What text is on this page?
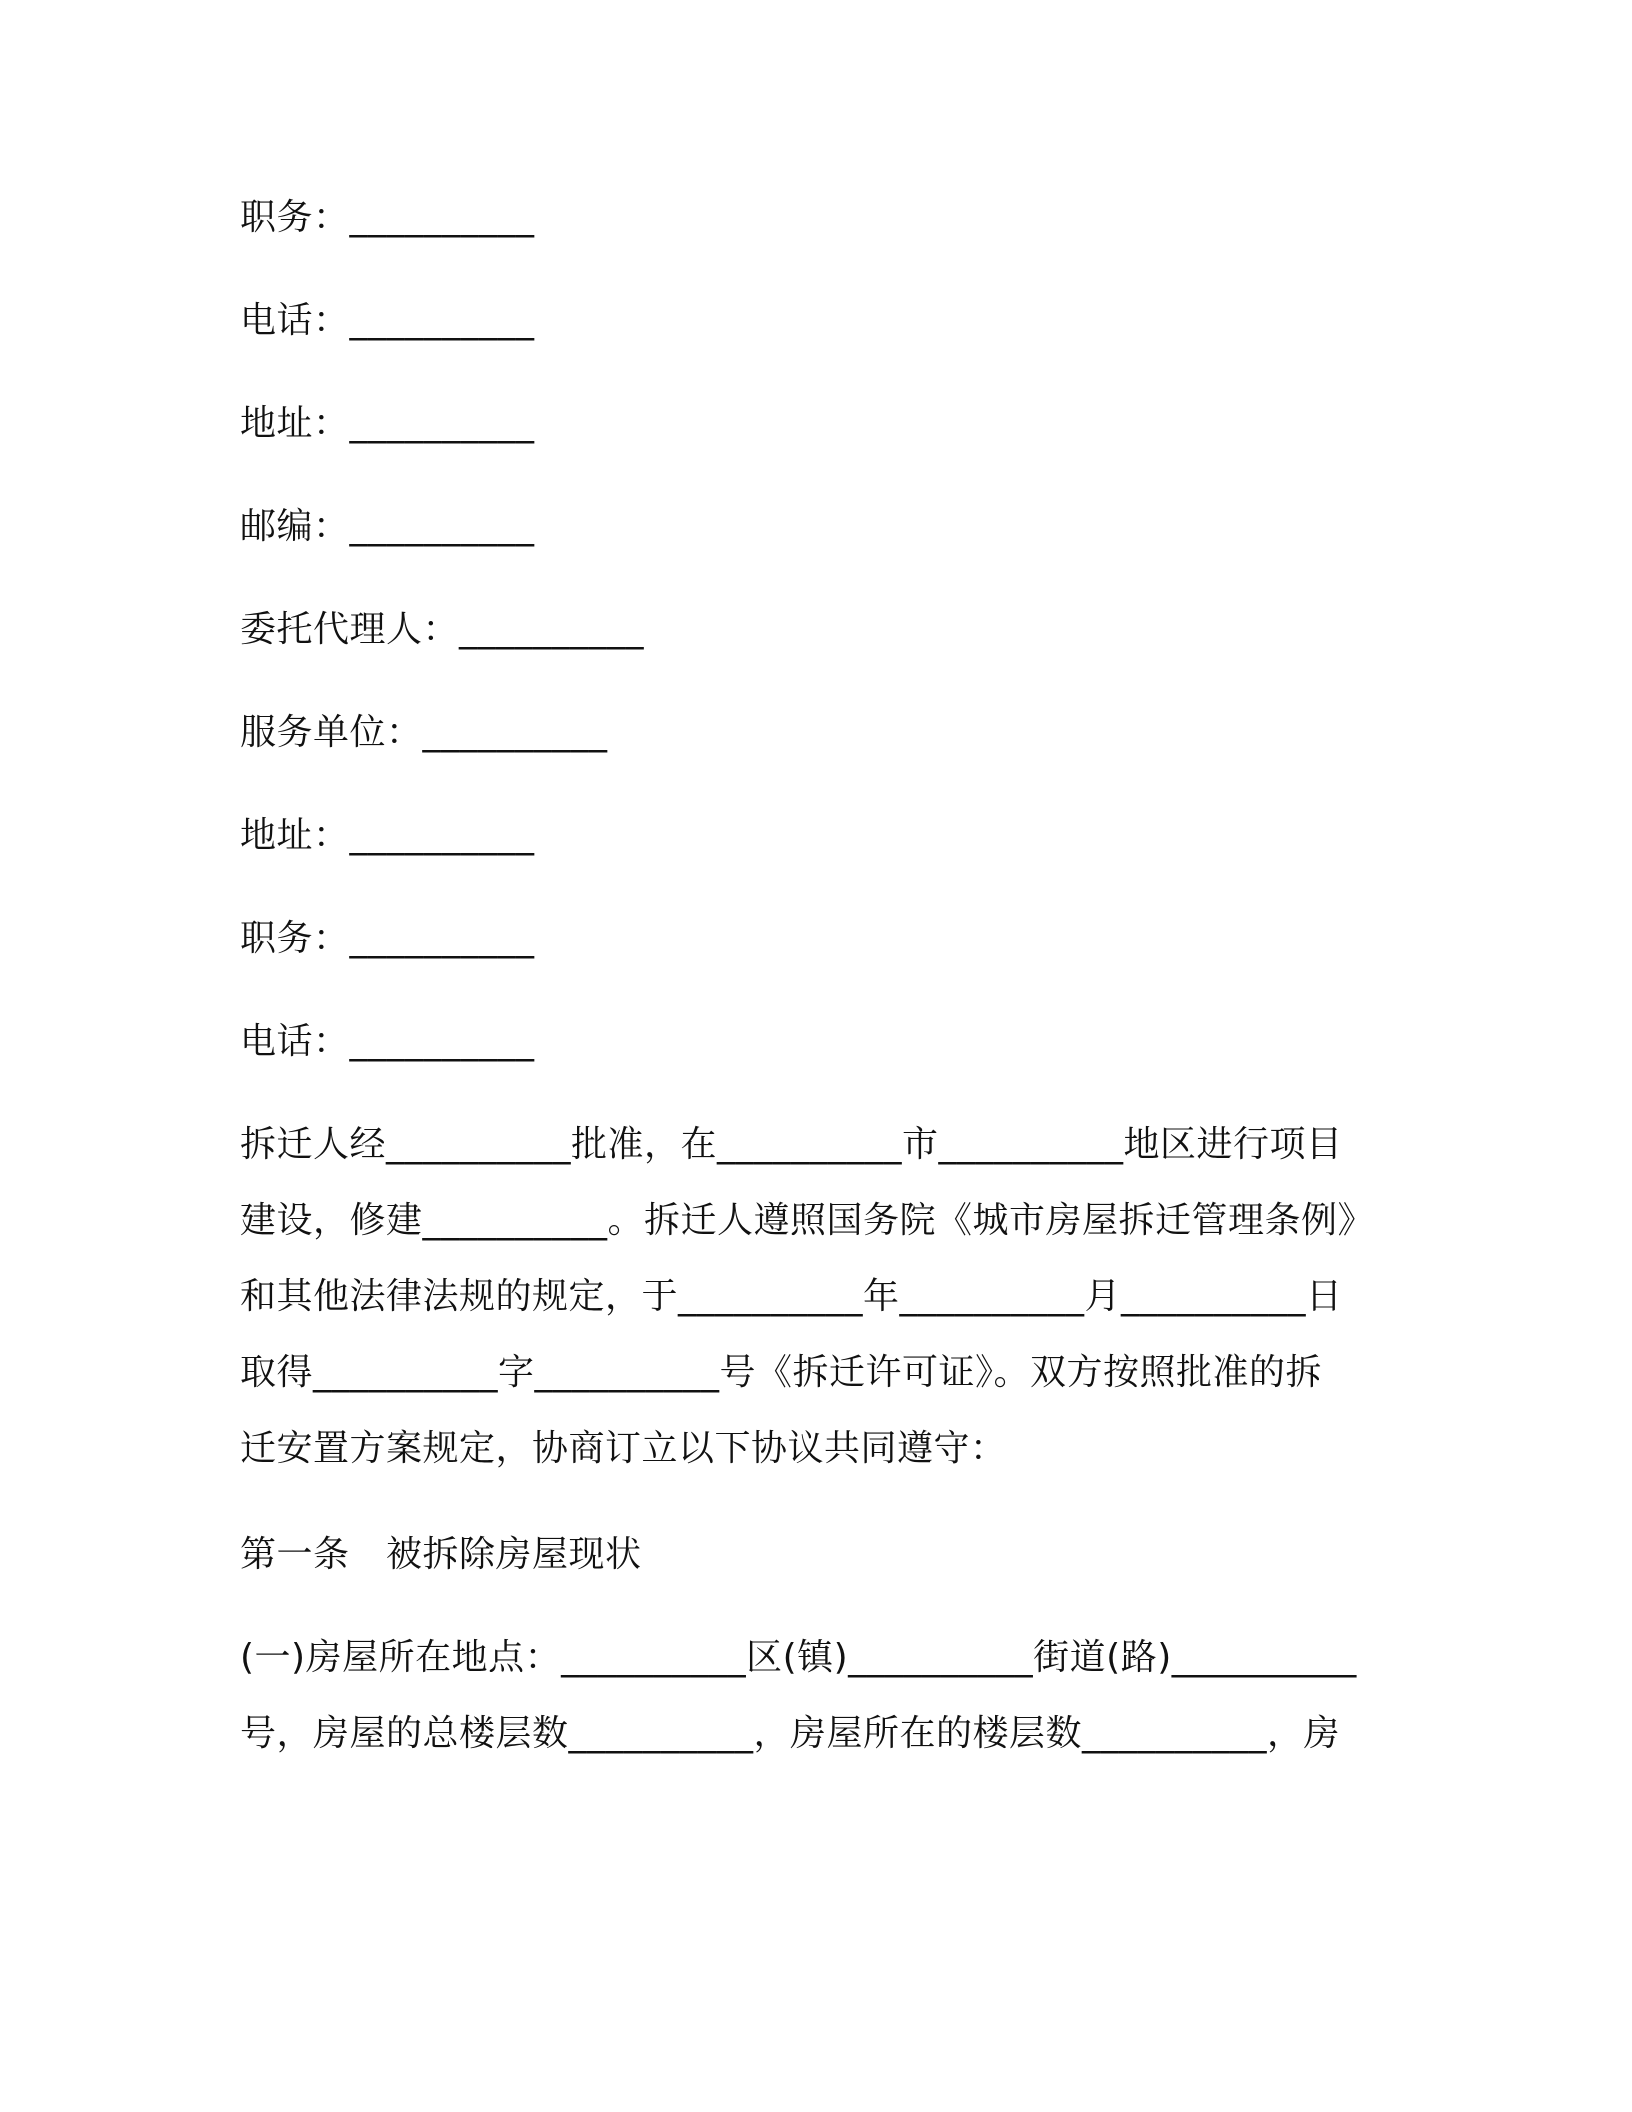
职务：__________
电话：__________
地址：__________
邮编：__________
委托代理人：__________
服务单位：__________
地址：__________
职务：__________
电话：__________
拆迁人经__________批准，在__________市__________地区进行项目
建设，修建__________。拆迁人遵照国务院《城市房屋拆迁管理条例》
和其他法律法规的规定，于__________年__________月__________日
取得__________字__________号《拆迁许可证》。双方按照批准的拆
迁安置方案规定，协商订立以下协议共同遵守：
第一条　被拆除房屋现状
(一)房屋所在地点：__________区(镇)__________街道(路)__________
号，房屋的总楼层数__________，房屋所在的楼层数__________，房
